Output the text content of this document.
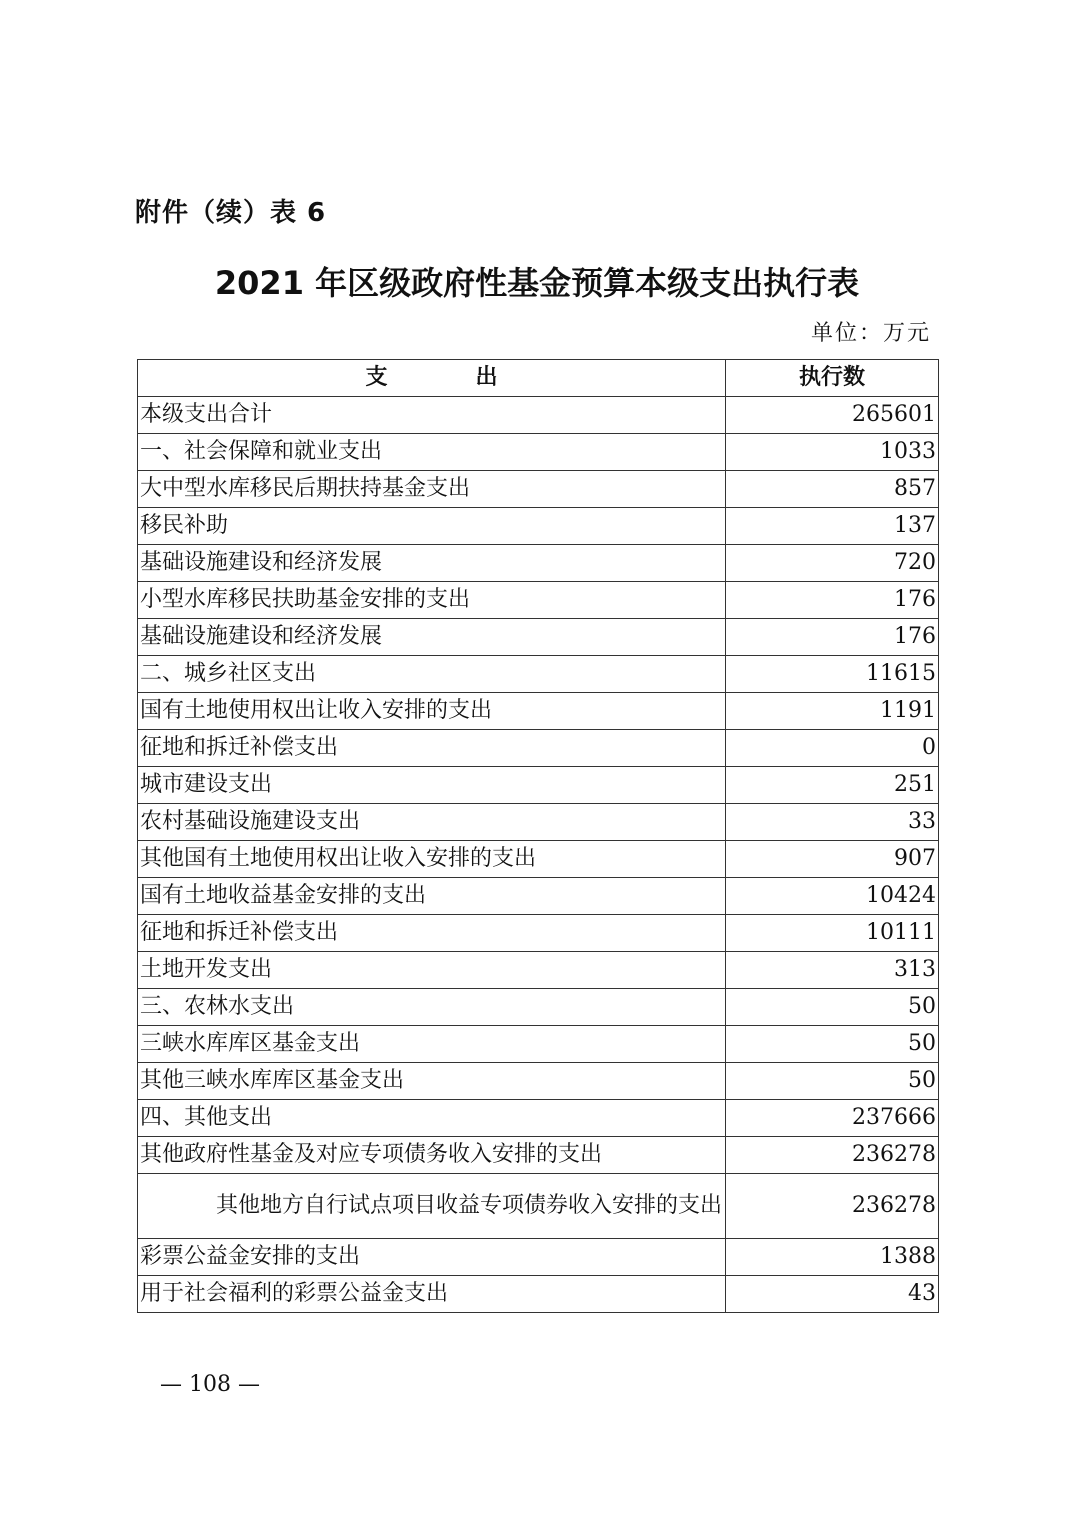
附件（续）表 6
2021 年区级政府性基金预算本级支出执行表
单位：万元
支　　　　出	执行数
本级支出合计	265601
一、社会保障和就业支出	1033
大中型水库移民后期扶持基金支出	857
移民补助	137
基础设施建设和经济发展	720
小型水库移民扶助基金安排的支出	176
基础设施建设和经济发展	176
二、城乡社区支出	11615
国有土地使用权出让收入安排的支出	1191
征地和拆迁补偿支出	0
城市建设支出	251
农村基础设施建设支出	33
其他国有土地使用权出让收入安排的支出	907
国有土地收益基金安排的支出	10424
征地和拆迁补偿支出	10111
土地开发支出	313
三、农林水支出	50
三峡水库库区基金支出	50
其他三峡水库库区基金支出	50
四、其他支出	237666
其他政府性基金及对应专项债务收入安排的支出	236278
其他地方自行试点项目收益专项债券收入安排的支出	236278
彩票公益金安排的支出	1388
用于社会福利的彩票公益金支出	43
— 108 —
